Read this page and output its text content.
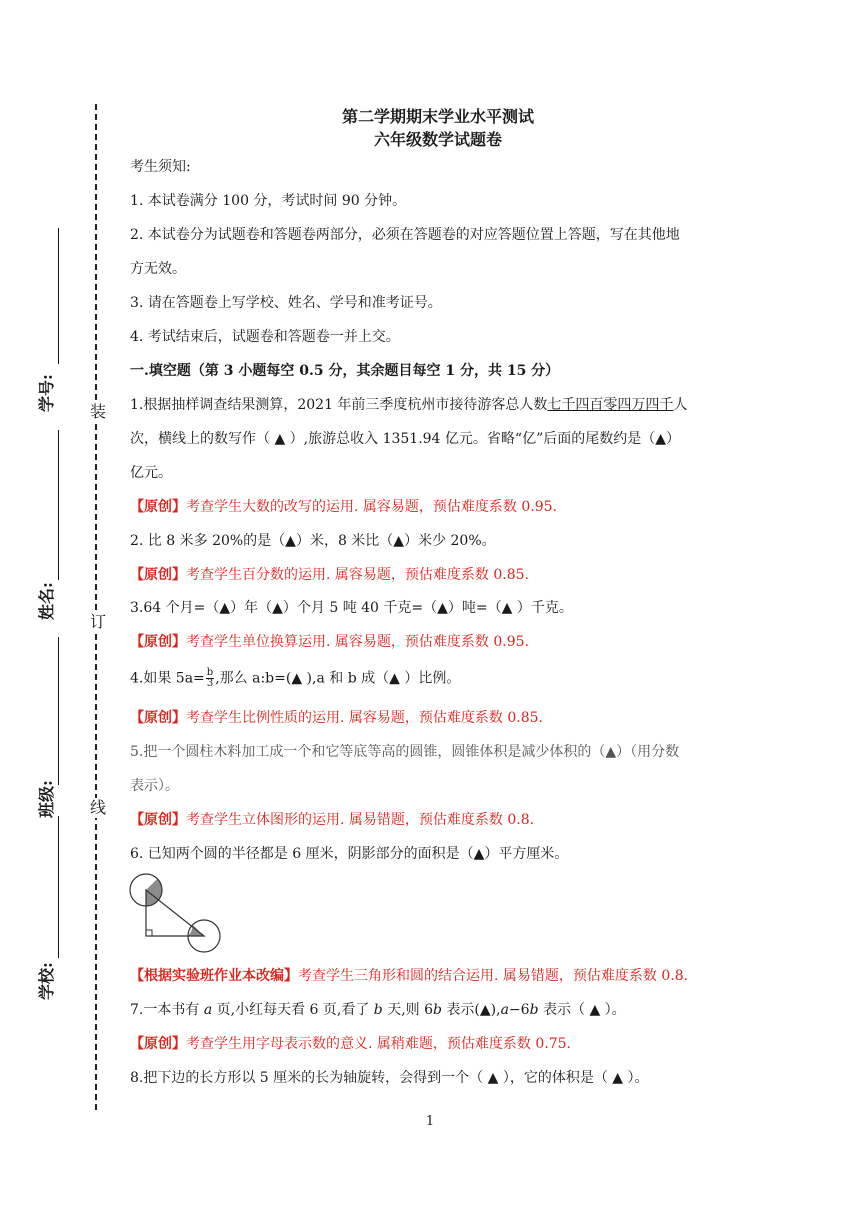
装
订
线
学号:
姓名:
班级:
学校:
第二学期期末学业水平测试
六年级数学试题卷
考生须知:
1. 本试卷满分 100 分，考试时间 90 分钟。
2. 本试卷分为试题卷和答题卷两部分，必须在答题卷的对应答题位置上答题，写在其他地
方无效。
3. 请在答题卷上写学校、姓名、学号和准考证号。
4. 考试结束后，试题卷和答题卷一并上交。
一.填空题（第 3 小题每空 0.5 分，其余题目每空 1 分，共 15 分）
1.根据抽样调查结果测算，2021 年前三季度杭州市接待游客总人数七千四百零四万四千人
次，横线上的数写作（ ▲ ）,旅游总收入 1351.94 亿元。省略“亿”后面的尾数约是（▲）
亿元。
【原创】考查学生大数的改写的运用. 属容易题，预估难度系数 0.95.
2. 比 8 米多 20%的是（▲）米，8 米比（▲）米少 20%。
【原创】考查学生百分数的运用. 属容易题，预估难度系数 0.85.
3.64 个月=（▲）年（▲）个月 5 吨 40 千克=（▲）吨=（▲ ）千克。
【原创】考查学生单位换算运用. 属容易题，预估难度系数 0.95.
4.如果 $5a= \frac{b}{3}$ ,那么 a:b=(▲ ),a 和 b 成（▲ ）比例。
【原创】考查学生比例性质的运用. 属容易题，预估难度系数 0.85.
5.把一个圆柱木料加工成一个和它等底等高的圆锥，圆锥体积是减少体积的（▲）（用分数
表示）。
【原创】考查学生立体图形的运用. 属易错题，预估难度系数 0.8.
6. 已知两个圆的半径都是 6 厘米，阴影部分的面积是（▲）平方厘米。
【根据实验班作业本改编】考查学生三角形和圆的结合运用. 属易错题，预估难度系数 0.8.
7.一本书有 a 页,小红每天看 6 页,看了 b 天,则 6b 表示(▲),a−6b 表示（ ▲ ）。
【原创】考查学生用字母表示数的意义. 属稍难题，预估难度系数 0.75.
8.把下边的长方形以 5 厘米的长为轴旋转，会得到一个（ ▲ ），它的体积是（ ▲ ）。
1
